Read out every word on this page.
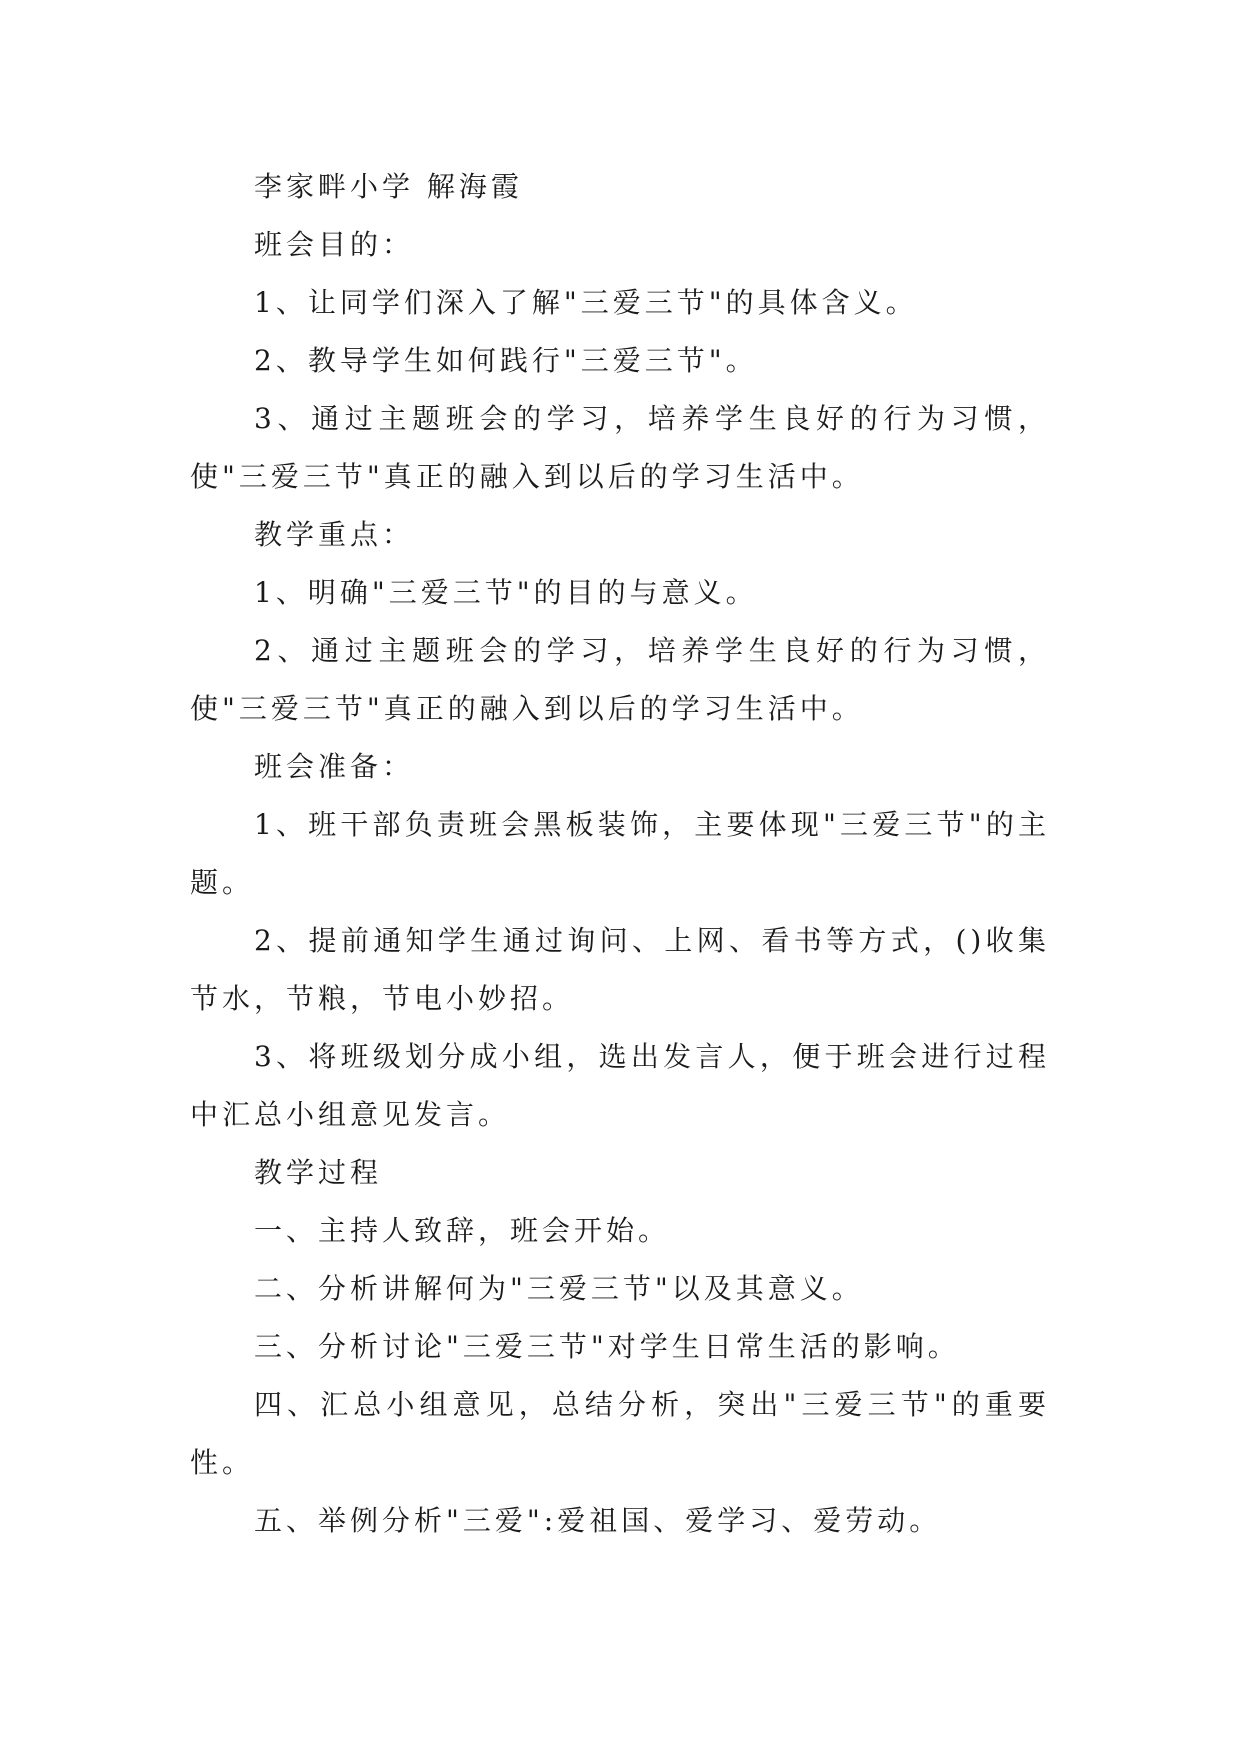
李家畔小学 解海霞

班会目的：

1、让同学们深入了解"三爱三节"的具体含义。

2、教导学生如何践行"三爱三节"。

3、通过主题班会的学习，培养学生良好的行为习惯，使"三爱三节"真正的融入到以后的学习生活中。

教学重点：

1、明确"三爱三节"的目的与意义。

2、通过主题班会的学习，培养学生良好的行为习惯，使"三爱三节"真正的融入到以后的学习生活中。

班会准备：

1、班干部负责班会黑板装饰，主要体现"三爱三节"的主题。

2、提前通知学生通过询问、上网、看书等方式，()收集节水，节粮，节电小妙招。

3、将班级划分成小组，选出发言人，便于班会进行过程中汇总小组意见发言。

教学过程

一、主持人致辞，班会开始。

二、分析讲解何为"三爱三节"以及其意义。

三、分析讨论"三爱三节"对学生日常生活的影响。

四、汇总小组意见，总结分析，突出"三爱三节"的重要性。

五、举例分析"三爱":爱祖国、爱学习、爱劳动。
